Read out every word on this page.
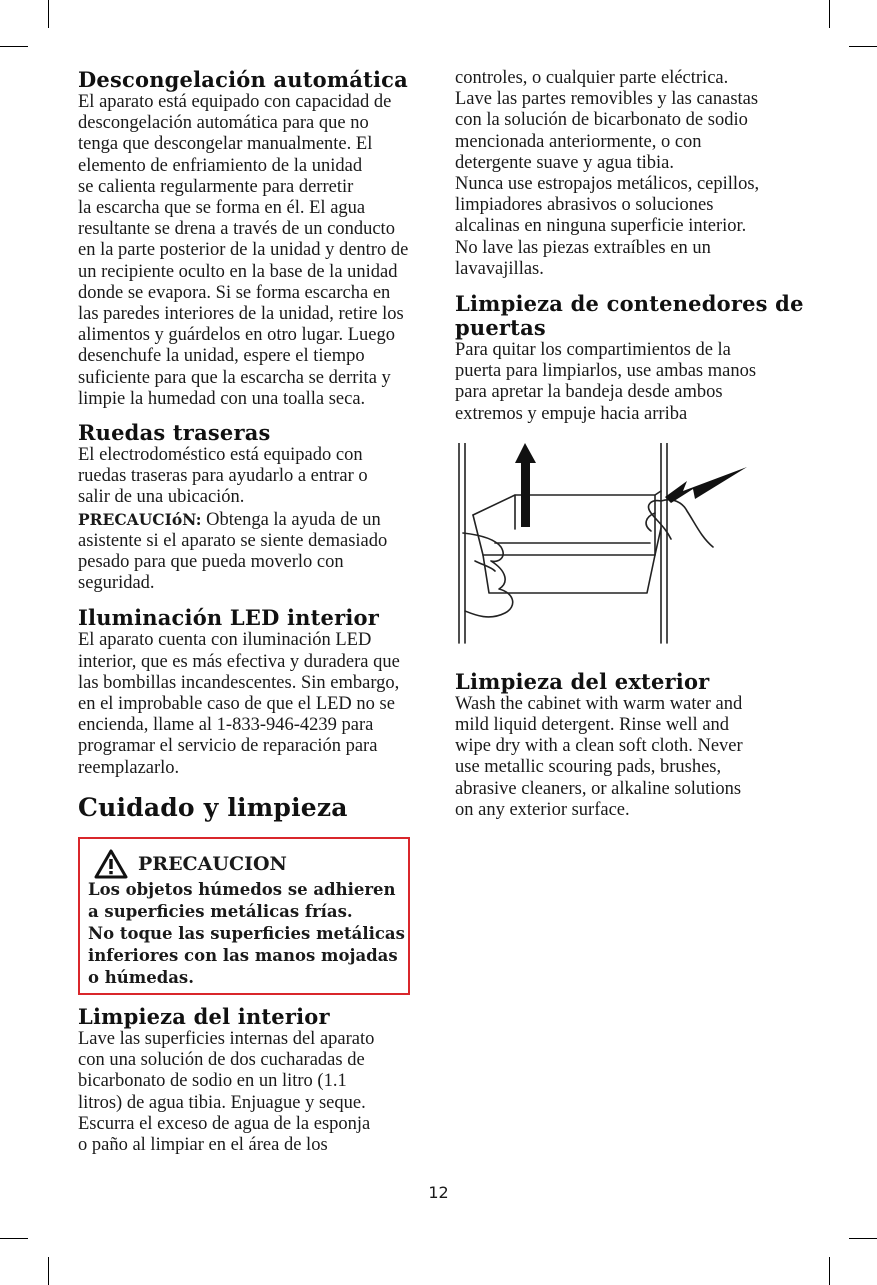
Descongelación automática

El aparato está equipado con capacidad de

descongelación automática para que no

tenga que descongelar manualmente. El

elemento de enfriamiento de la unidad

se calienta regularmente para derretir

la escarcha que se forma en él. El agua

resultante se drena a través de un conducto

en la parte posterior de la unidad y dentro de

un recipiente oculto en la base de la unidad

donde se evapora. Si se forma escarcha en

las paredes interiores de la unidad, retire los

alimentos y guárdelos en otro lugar. Luego

desenchufe la unidad, espere el tiempo

suficiente para que la escarcha se derrita y

limpie la humedad con una toalla seca.

Ruedas traseras

El electrodoméstico está equipado con

ruedas traseras para ayudarlo a entrar o

salir de una ubicación.

PRECAUCIóN: Obtenga la ayuda de un

asistente si el aparato se siente demasiado

pesado para que pueda moverlo con

seguridad.

Iluminación LED interior

El aparato cuenta con iluminación LED

interior, que es más efectiva y duradera que

las bombillas incandescentes. Sin embargo,

en el improbable caso de que el LED no se

encienda, llame al 1-833-946-4239 para

programar el servicio de reparación para

reemplazarlo.

Cuidado y limpieza
PRECAUCION

Los objetos húmedos se adhieren

a superficies metálicas frías.

No toque las superficies metálicas

inferiores con las manos mojadas

o húmedas.

Limpieza del interior

Lave las superficies internas del aparato

con una solución de dos cucharadas de

bicarbonato de sodio en un litro (1.1

litros) de agua tibia. Enjuague y seque.

Escurra el exceso de agua de la esponja

o paño al limpiar en el área de los

controles, o cualquier parte eléctrica.

Lave las partes removibles y las canastas

con la solución de bicarbonato de sodio

mencionada anteriormente, o con

detergente suave y agua tibia.

Nunca use estropajos metálicos, cepillos,

limpiadores abrasivos o soluciones

alcalinas en ninguna superficie interior.

No lave las piezas extraíbles en un

lavavajillas.

Limpieza de contenedores de
puertas

Para quitar los compartimientos de la

puerta para limpiarlos, use ambas manos

para apretar la bandeja desde ambos

extremos y empuje hacia arriba

Limpieza del exterior

Wash the cabinet with warm water and

mild liquid detergent. Rinse well and

wipe dry with a clean soft cloth. Never

use metallic scouring pads, brushes,

abrasive cleaners, or alkaline solutions

on any exterior surface.

12
